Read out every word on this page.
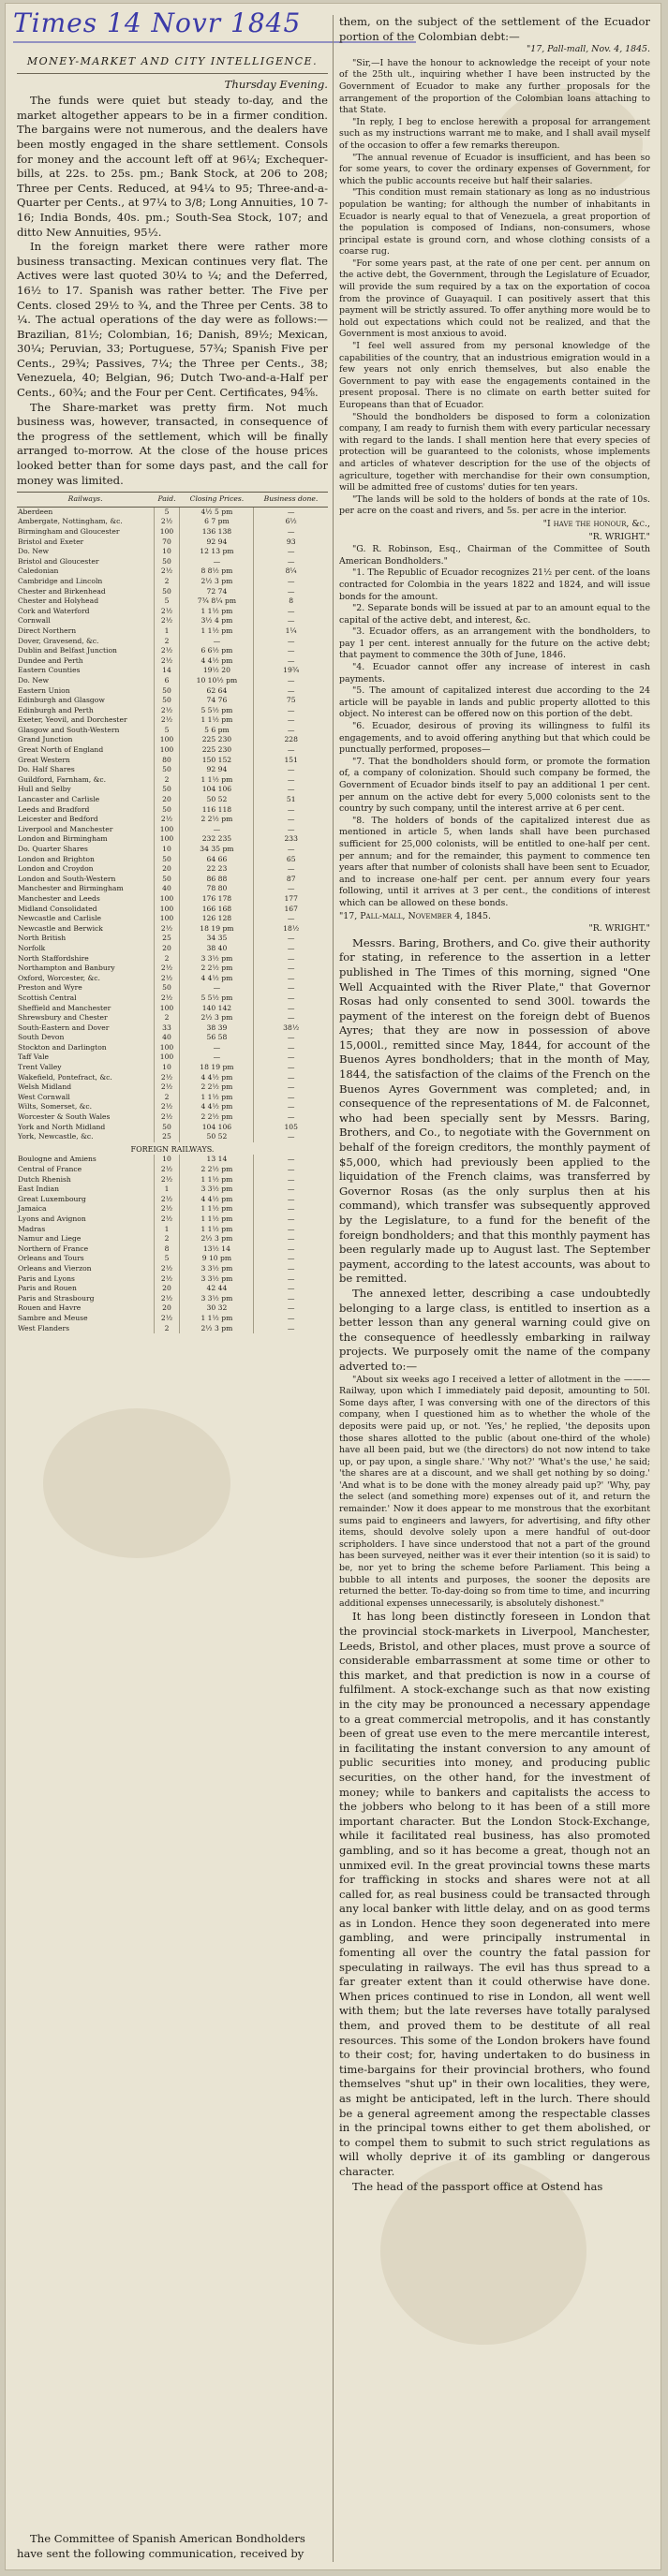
Times 14 Novr 1845
MONEY-MARKET AND CITY INTELLIGENCE.
Thursday Evening.

The funds were quiet but steady to-day, and the market altogether appears to be in a firmer condition. The bargains were not numerous, and the dealers have been mostly engaged in the share settlement. Consols for money and the account left off at 96¼; Exchequer-bills, at 22s. to 25s. pm.; Bank Stock, at 206 to 208; Three per Cents. Reduced, at 94¼ to 95; Three-and-a-Quarter per Cents., at 97¼ to 3/8; Long Annuities, 10 7-16; India Bonds, 40s. pm.; South-Sea Stock, 107; and ditto New Annuities, 95½.

In the foreign market there were rather more business transacting. Mexican continues very flat. The Actives were last quoted 30¼ to ¼; and the Deferred, 16½ to 17. Spanish was rather better. The Five per Cents. closed 29½ to ¾, and the Three per Cents. 38 to ¼. The actual operations of the day were as follows:—Brazilian, 81½; Colombian, 16; Danish, 89½; Mexican, 30¼; Peruvian, 33; Portuguese, 57¾; Spanish Five per Cents., 29¾; Passives, 7¼; the Three per Cents., 38; Venezuela, 40; Belgian, 96; Dutch Two-and-a-Half per Cents., 60¾; and the Four per Cent. Certificates, 94⅝.

The Share-market was pretty firm. Not much business was, however, transacted, in consequence of the progress of the settlement, which will be finally arranged to-morrow. At the close of the house prices looked better than for some days past, and the call for money was limited.

Railways.	Paid.	Closing Prices.	Business done.
Aberdeen	5	4½ 5 pm	—
Ambergate, Nottingham, &c.	2½	6 7 pm	6½
Birmingham and Gloucester	100	136 138	—
Bristol and Exeter	70	92 94	93
Do. New	10	12 13 pm	—
Bristol and Gloucester	50	—	—
Caledonian	2½	8 8½ pm	8¼
Cambridge and Lincoln	2	2½ 3 pm	—
Chester and Birkenhead	50	72 74	—
Chester and Holyhead	5	7¾ 8¼ pm	8
Cork and Waterford	2½	1 1½ pm	—
Cornwall	2½	3½ 4 pm	—
Direct Northern	1	1 1½ pm	1¼
Dover, Gravesend, &c.	2	—	—
Dublin and Belfast Junction	2½	6 6½ pm	—
Dundee and Perth	2½	4 4½ pm	—
Eastern Counties	14	19½ 20	19¾
Do. New	6	10 10½ pm	—
Eastern Union	50	62 64	—
Edinburgh and Glasgow	50	74 76	75
Edinburgh and Perth	2½	5 5½ pm	—
Exeter, Yeovil, and Dorchester	2½	1 1½ pm	—
Glasgow and South-Western	5	5 6 pm	—
Grand Junction	100	225 230	228
Great North of England	100	225 230	—
Great Western	80	150 152	151
Do. Half Shares	50	92 94	—
Guildford, Farnham, &c.	2	1 1½ pm	—
Hull and Selby	50	104 106	—
Lancaster and Carlisle	20	50 52	51
Leeds and Bradford	50	116 118	—
Leicester and Bedford	2½	2 2½ pm	—
Liverpool and Manchester	100	—	—
London and Birmingham	100	232 235	233
Do. Quarter Shares	10	34 35 pm	—
London and Brighton	50	64 66	65
London and Croydon	20	22 23	—
London and South-Western	50	86 88	87
Manchester and Birmingham	40	78 80	—
Manchester and Leeds	100	176 178	177
Midland Consolidated	100	166 168	167
Newcastle and Carlisle	100	126 128	—
Newcastle and Berwick	2½	18 19 pm	18½
North British	25	34 35	—
Norfolk	20	38 40	—
North Staffordshire	2	3 3½ pm	—
Northampton and Banbury	2½	2 2½ pm	—
Oxford, Worcester, &c.	2½	4 4½ pm	—
Preston and Wyre	50	—	—
Scottish Central	2½	5 5½ pm	—
Sheffield and Manchester	100	140 142	—
Shrewsbury and Chester	2	2½ 3 pm	—
South-Eastern and Dover	33	38 39	38½
South Devon	40	56 58	—
Stockton and Darlington	100	—	—
Taff Vale	100	—	—
Trent Valley	10	18 19 pm	—
Wakefield, Pontefract, &c.	2½	4 4½ pm	—
Welsh Midland	2½	2 2½ pm	—
West Cornwall	2	1 1½ pm	—
Wilts, Somerset, &c.	2½	4 4½ pm	—
Worcester & South Wales	2½	2 2½ pm	—
York and North Midland	50	104 106	105
York, Newcastle, &c.	25	50 52	—
FOREIGN RAILWAYS.			
Boulogne and Amiens	10	13 14	—
Central of France	2½	2 2½ pm	—
Dutch Rhenish	2½	1 1½ pm	—
East Indian	1	3 3½ pm	—
Great Luxembourg	2½	4 4½ pm	—
Jamaica	2½	1 1½ pm	—
Lyons and Avignon	2½	1 1½ pm	—
Madras	1	1 1½ pm	—
Namur and Liege	2	2½ 3 pm	—
Northern of France	8	13½ 14	—
Orleans and Tours	5	9 10 pm	—
Orleans and Vierzon	2½	3 3½ pm	—
Paris and Lyons	2½	3 3½ pm	—
Paris and Rouen	20	42 44	—
Paris and Strasbourg	2½	3 3½ pm	—
Rouen and Havre	20	30 32	—
Sambre and Meuse	2½	1 1½ pm	—
West Flanders	2	2½ 3 pm	—

The Committee of Spanish American Bondholders have sent the following communication, received by

them, on the subject of the settlement of the Ecuador portion of the Colombian debt:—

"17, Pall-mall, Nov. 4, 1845.

"Sir,—I have the honour to acknowledge the receipt of your note of the 25th ult., inquiring whether I have been instructed by the Government of Ecuador to make any further proposals for the arrangement of the proportion of the Colombian loans attaching to that State.

"In reply, I beg to enclose herewith a proposal for arrangement such as my instructions warrant me to make, and I shall avail myself of the occasion to offer a few remarks thereupon.

"The annual revenue of Ecuador is insufficient, and has been so for some years, to cover the ordinary expenses of Government, for which the public accounts receive but half their salaries.

"This condition must remain stationary as long as no industrious population be wanting; for although the number of inhabitants in Ecuador is nearly equal to that of Venezuela, a great proportion of the population is composed of Indians, non-consumers, whose principal estate is ground corn, and whose clothing consists of a coarse rug.

"For some years past, at the rate of one per cent. per annum on the active debt, the Government, through the Legislature of Ecuador, will provide the sum required by a tax on the exportation of cocoa from the province of Guayaquil. I can positively assert that this payment will be strictly assured. To offer anything more would be to hold out expectations which could not be realized, and that the Government is most anxious to avoid.

"I feel well assured from my personal knowledge of the capabilities of the country, that an industrious emigration would in a few years not only enrich themselves, but also enable the Government to pay with ease the engagements contained in the present proposal. There is no climate on earth better suited for Europeans than that of Ecuador.

"Should the bondholders be disposed to form a colonization company, I am ready to furnish them with every particular necessary with regard to the lands. I shall mention here that every species of protection will be guaranteed to the colonists, whose implements and articles of whatever description for the use of the objects of agriculture, together with merchandise for their own consumption, will be admitted free of customs' duties for ten years.

"The lands will be sold to the holders of bonds at the rate of 10s. per acre on the coast and rivers, and 5s. per acre in the interior.

"I have the honour, &c.,
"R. WRIGHT."

"G. R. Robinson, Esq., Chairman of the Committee of South American Bondholders."

"1. The Republic of Ecuador recognizes 21½ per cent. of the loans contracted for Colombia in the years 1822 and 1824, and will issue bonds for the amount.

"2. Separate bonds will be issued at par to an amount equal to the capital of the active debt, and interest, &c.

"3. Ecuador offers, as an arrangement with the bondholders, to pay 1 per cent. interest annually for the future on the active debt; that payment to commence the 30th of June, 1846.

"4. Ecuador cannot offer any increase of interest in cash payments.

"5. The amount of capitalized interest due according to the 24 article will be payable in lands and public property allotted to this object. No interest can be offered now on this portion of the debt.

"6. Ecuador, desirous of proving its willingness to fulfil its engagements, and to avoid offering anything but that which could be punctually performed, proposes—

"7. That the bondholders should form, or promote the formation of, a company of colonization. Should such company be formed, the Government of Ecuador binds itself to pay an additional 1 per cent. per annum on the active debt for every 5,000 colonists sent to the country by such company, until the interest arrive at 6 per cent.

"8. The holders of bonds of the capitalized interest due as mentioned in article 5, when lands shall have been purchased sufficient for 25,000 colonists, will be entitled to one-half per cent. per annum; and for the remainder, this payment to commence ten years after that number of colonists shall have been sent to Ecuador, and to increase one-half per cent. per annum every four years following, until it arrives at 3 per cent., the conditions of interest which can be allowed on these bonds.

"17, Pall-mall, November 4, 1845.
"R. WRIGHT."

Messrs. Baring, Brothers, and Co. give their authority for stating, in reference to the assertion in a letter published in The Times of this morning, signed "One Well Acquainted with the River Plate," that Governor Rosas had only consented to send 300l. towards the payment of the interest on the foreign debt of Buenos Ayres; that they are now in possession of above 15,000l., remitted since May, 1844, for account of the Buenos Ayres bondholders; that in the month of May, 1844, the satisfaction of the claims of the French on the Buenos Ayres Government was completed; and, in consequence of the representations of M. de Falconnet, who had been specially sent by Messrs. Baring, Brothers, and Co., to negotiate with the Government on behalf of the foreign creditors, the monthly payment of $5,000, which had previously been applied to the liquidation of the French claims, was transferred by Governor Rosas (as the only surplus then at his command), which transfer was subsequently approved by the Legislature, to a fund for the benefit of the foreign bondholders; and that this monthly payment has been regularly made up to August last. The September payment, according to the latest accounts, was about to be remitted.

The annexed letter, describing a case undoubtedly belonging to a large class, is entitled to insertion as a better lesson than any general warning could give on the consequence of heedlessly embarking in railway projects. We purposely omit the name of the company adverted to:—

"About six weeks ago I received a letter of allotment in the ——— Railway, upon which I immediately paid deposit, amounting to 50l. Some days after, I was conversing with one of the directors of this company, when I questioned him as to whether the whole of the deposits were paid up, or not. 'Yes,' he replied, 'the deposits upon those shares allotted to the public (about one-third of the whole) have all been paid, but we (the directors) do not now intend to take up, or pay upon, a single share.' 'Why not?' 'What's the use,' he said; 'the shares are at a discount, and we shall get nothing by so doing.' 'And what is to be done with the money already paid up?' 'Why, pay the select (and something more) expenses out of it, and return the remainder.' Now it does appear to me monstrous that the exorbitant sums paid to engineers and lawyers, for advertising, and fifty other items, should devolve solely upon a mere handful of out-door scripholders. I have since understood that not a part of the ground has been surveyed, neither was it ever their intention (so it is said) to be, nor yet to bring the scheme before Parliament. This being a bubble to all intents and purposes, the sooner the deposits are returned the better. To-day-doing so from time to time, and incurring additional expenses unnecessarily, is absolutely dishonest."

It has long been distinctly foreseen in London that the provincial stock-markets in Liverpool, Manchester, Leeds, Bristol, and other places, must prove a source of considerable embarrassment at some time or other to this market, and that prediction is now in a course of fulfilment. A stock-exchange such as that now existing in the city may be pronounced a necessary appendage to a great commercial metropolis, and it has constantly been of great use even to the mere mercantile interest, in facilitating the instant conversion to any amount of public securities into money, and producing public securities, on the other hand, for the investment of money; while to bankers and capitalists the access to the jobbers who belong to it has been of a still more important character. But the London Stock-Exchange, while it facilitated real business, has also promoted gambling, and so it has become a great, though not an unmixed evil. In the great provincial towns these marts for trafficking in stocks and shares were not at all called for, as real business could be transacted through any local banker with little delay, and on as good terms as in London. Hence they soon degenerated into mere gambling, and were principally instrumental in fomenting all over the country the fatal passion for speculating in railways. The evil has thus spread to a far greater extent than it could otherwise have done. When prices continued to rise in London, all went well with them; but the late reverses have totally paralysed them, and proved them to be destitute of all real resources. This some of the London brokers have found to their cost; for, having undertaken to do business in time-bargains for their provincial brothers, who found themselves "shut up" in their own localities, they were, as might be anticipated, left in the lurch. There should be a general agreement among the respectable classes in the principal towns either to get them abolished, or to compel them to submit to such strict regulations as will wholly deprive it of its gambling or dangerous character.

The head of the passport office at Ostend has
